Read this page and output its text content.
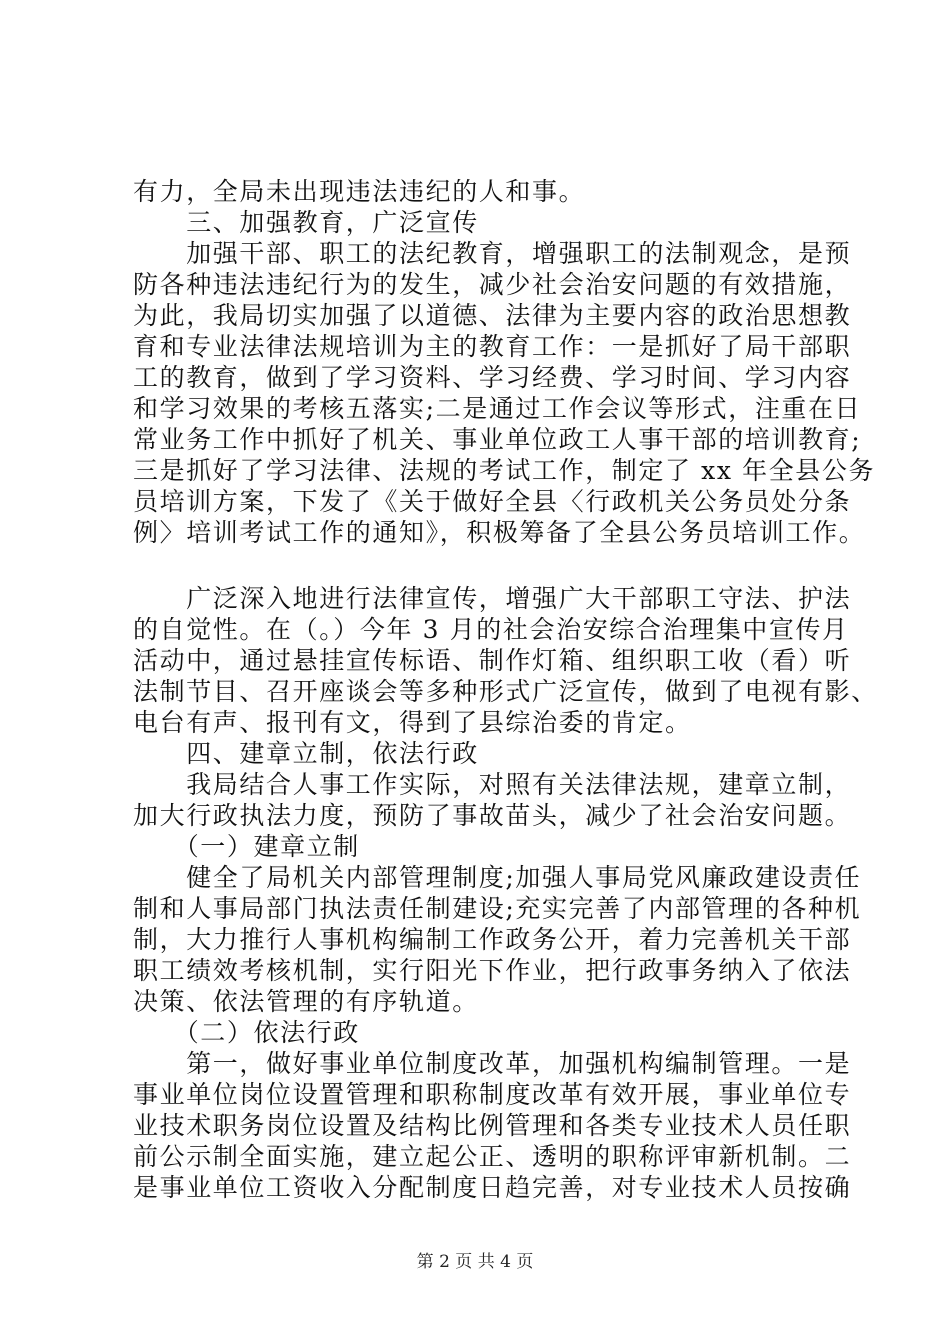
有力，全局未出现违法违纪的人和事。
　　三、加强教育，广泛宣传
　　加强干部、职工的法纪教育，增强职工的法制观念，是预
防各种违法违纪行为的发生，减少社会治安问题的有效措施，
为此，我局切实加强了以道德、法律为主要内容的政治思想教
育和专业法律法规培训为主的教育工作：一是抓好了局干部职
工的教育，做到了学习资料、学习经费、学习时间、学习内容
和学习效果的考核五落实;二是通过工作会议等形式，注重在日
常业务工作中抓好了机关、事业单位政工人事干部的培训教育;
三是抓好了学习法律、法规的考试工作，制定了 xx 年全县公务
员培训方案，下发了《关于做好全县〈行政机关公务员处分条
例〉培训考试工作的通知》，积极筹备了全县公务员培训工作。
　　广泛深入地进行法律宣传，增强广大干部职工守法、护法
的自觉性。在（。）今年 3 月的社会治安综合治理集中宣传月
活动中，通过悬挂宣传标语、制作灯箱、组织职工收（看）听
法制节目、召开座谈会等多种形式广泛宣传，做到了电视有影、
电台有声、报刊有文，得到了县综治委的肯定。
　　四、建章立制，依法行政
　　我局结合人事工作实际，对照有关法律法规，建章立制，
加大行政执法力度，预防了事故苗头，减少了社会治安问题。
　　（一）建章立制
　　健全了局机关内部管理制度;加强人事局党风廉政建设责任
制和人事局部门执法责任制建设;充实完善了内部管理的各种机
制，大力推行人事机构编制工作政务公开，着力完善机关干部
职工绩效考核机制，实行阳光下作业，把行政事务纳入了依法
决策、依法管理的有序轨道。
　　（二）依法行政
　　第一，做好事业单位制度改革，加强机构编制管理。一是
事业单位岗位设置管理和职称制度改革有效开展，事业单位专
业技术职务岗位设置及结构比例管理和各类专业技术人员任职
前公示制全面实施，建立起公正、透明的职称评审新机制。二
是事业单位工资收入分配制度日趋完善，对专业技术人员按确
第 2 页 共 4 页
